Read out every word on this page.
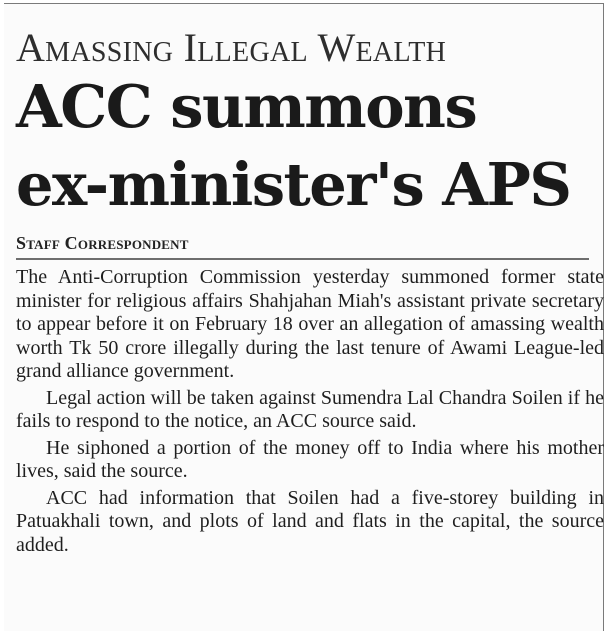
Amassing Illegal Wealth
ACC summons
ex-minister's APS
Staff Correspondent

The Anti-Corruption Commission yesterday summoned former state minister for religious affairs Shahjahan Miah's assistant private secretary to appear before it on February 18 over an allegation of amassing wealth worth Tk 50 crore illegally during the last tenure of Awami League-led grand alliance government.

Legal action will be taken against Sumendra Lal Chandra Soilen if he fails to respond to the notice, an ACC source said.

He siphoned a portion of the money off to India where his mother lives, said the source.

ACC had information that Soilen had a five-storey building in Patuakhali town, and plots of land and flats in the capital, the source added.
